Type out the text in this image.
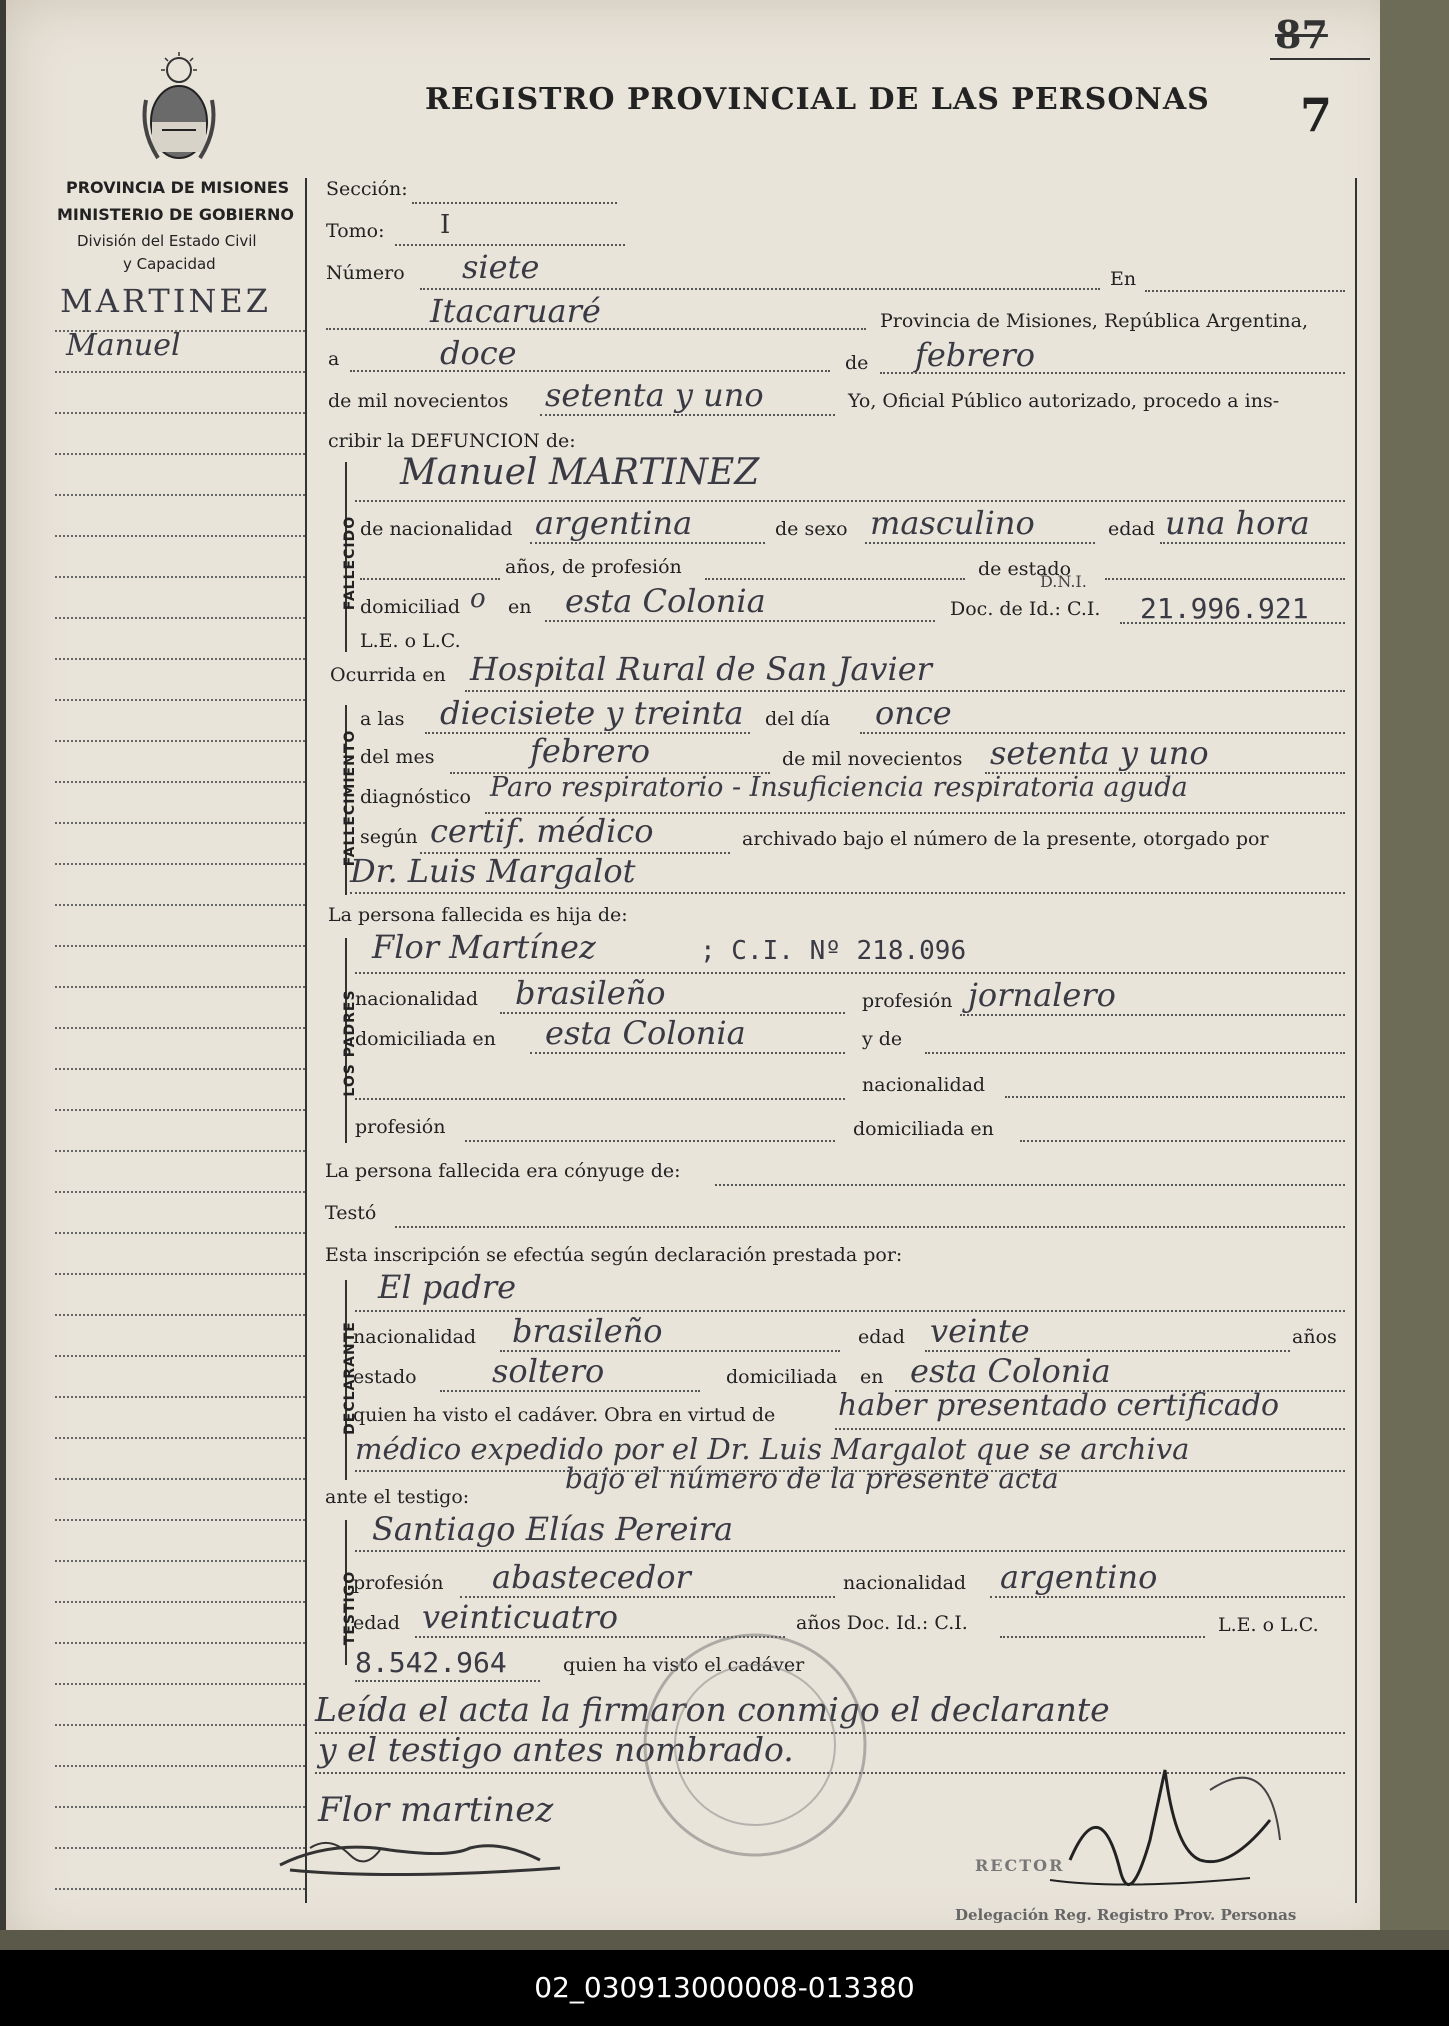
87
7
REGISTRO PROVINCIAL DE LAS PERSONAS
PROVINCIA DE MISIONES
MINISTERIO DE GOBIERNO
División del Estado Civil
y Capacidad
MARTINEZ
Manuel
Sección:
Tomo: I
Número siete	En
Itacaruaré	Provincia de Misiones, República Argentina,
a	doce	de febrero
de mil novecientos setenta y uno	Yo, Oficial Público autorizado, procedo a ins-
cribir la DEFUNCION de:
FALLECIDO
Manuel MARTINEZ
de nacionalidad argentina	de sexo masculino	edad una hora
años, de profesión	de estado
domiciliad o en esta Colonia	Doc. de Id.: C.I.
D.N.I.
21.996.921
L.E. o L.C.
Ocurrida en Hospital Rural de San Javier
FALLECIMIENTO
a las diecisiete y treinta del día once
del mes	febrero	de mil novecientos setenta y uno
diagnóstico Paro respiratorio - Insuficiencia respiratoria aguda
según certif. médico	archivado bajo el número de la presente, otorgado por
Dr. Luis Margalot
La persona fallecida es hija de:
LOS PADRES
Flor Martínez	; C.I. Nº 218.096
nacionalidad brasileño	profesión jornalero
domiciliada en esta Colonia	y de
nacionalidad
profesión	domiciliada en
La persona fallecida era cónyuge de:
Testó
Esta inscripción se efectúa según declaración prestada por:
DECLARANTE
El padre
nacionalidad brasileño	edad veinte	años
estado soltero	domiciliada en esta Colonia
quien ha visto el cadáver. Obra en virtud de haber presentado certificado
médico expedido por el Dr. Luis Margalot que se archiva
bajo el número de la presente acta
ante el testigo:
TESTIGO
Santiago Elías Pereira
profesión abastecedor	nacionalidad argentino
edad veinticuatro	años Doc. Id.: C.I.	L.E. o L.C.
8.542.964	quien ha visto el cadáver
Leída el acta la firmaron conmigo el declarante
y el testigo antes nombrado.
Flor martinez
RECTOR
Delegación Reg. Registro Prov. Personas
02_030913000008-013380
